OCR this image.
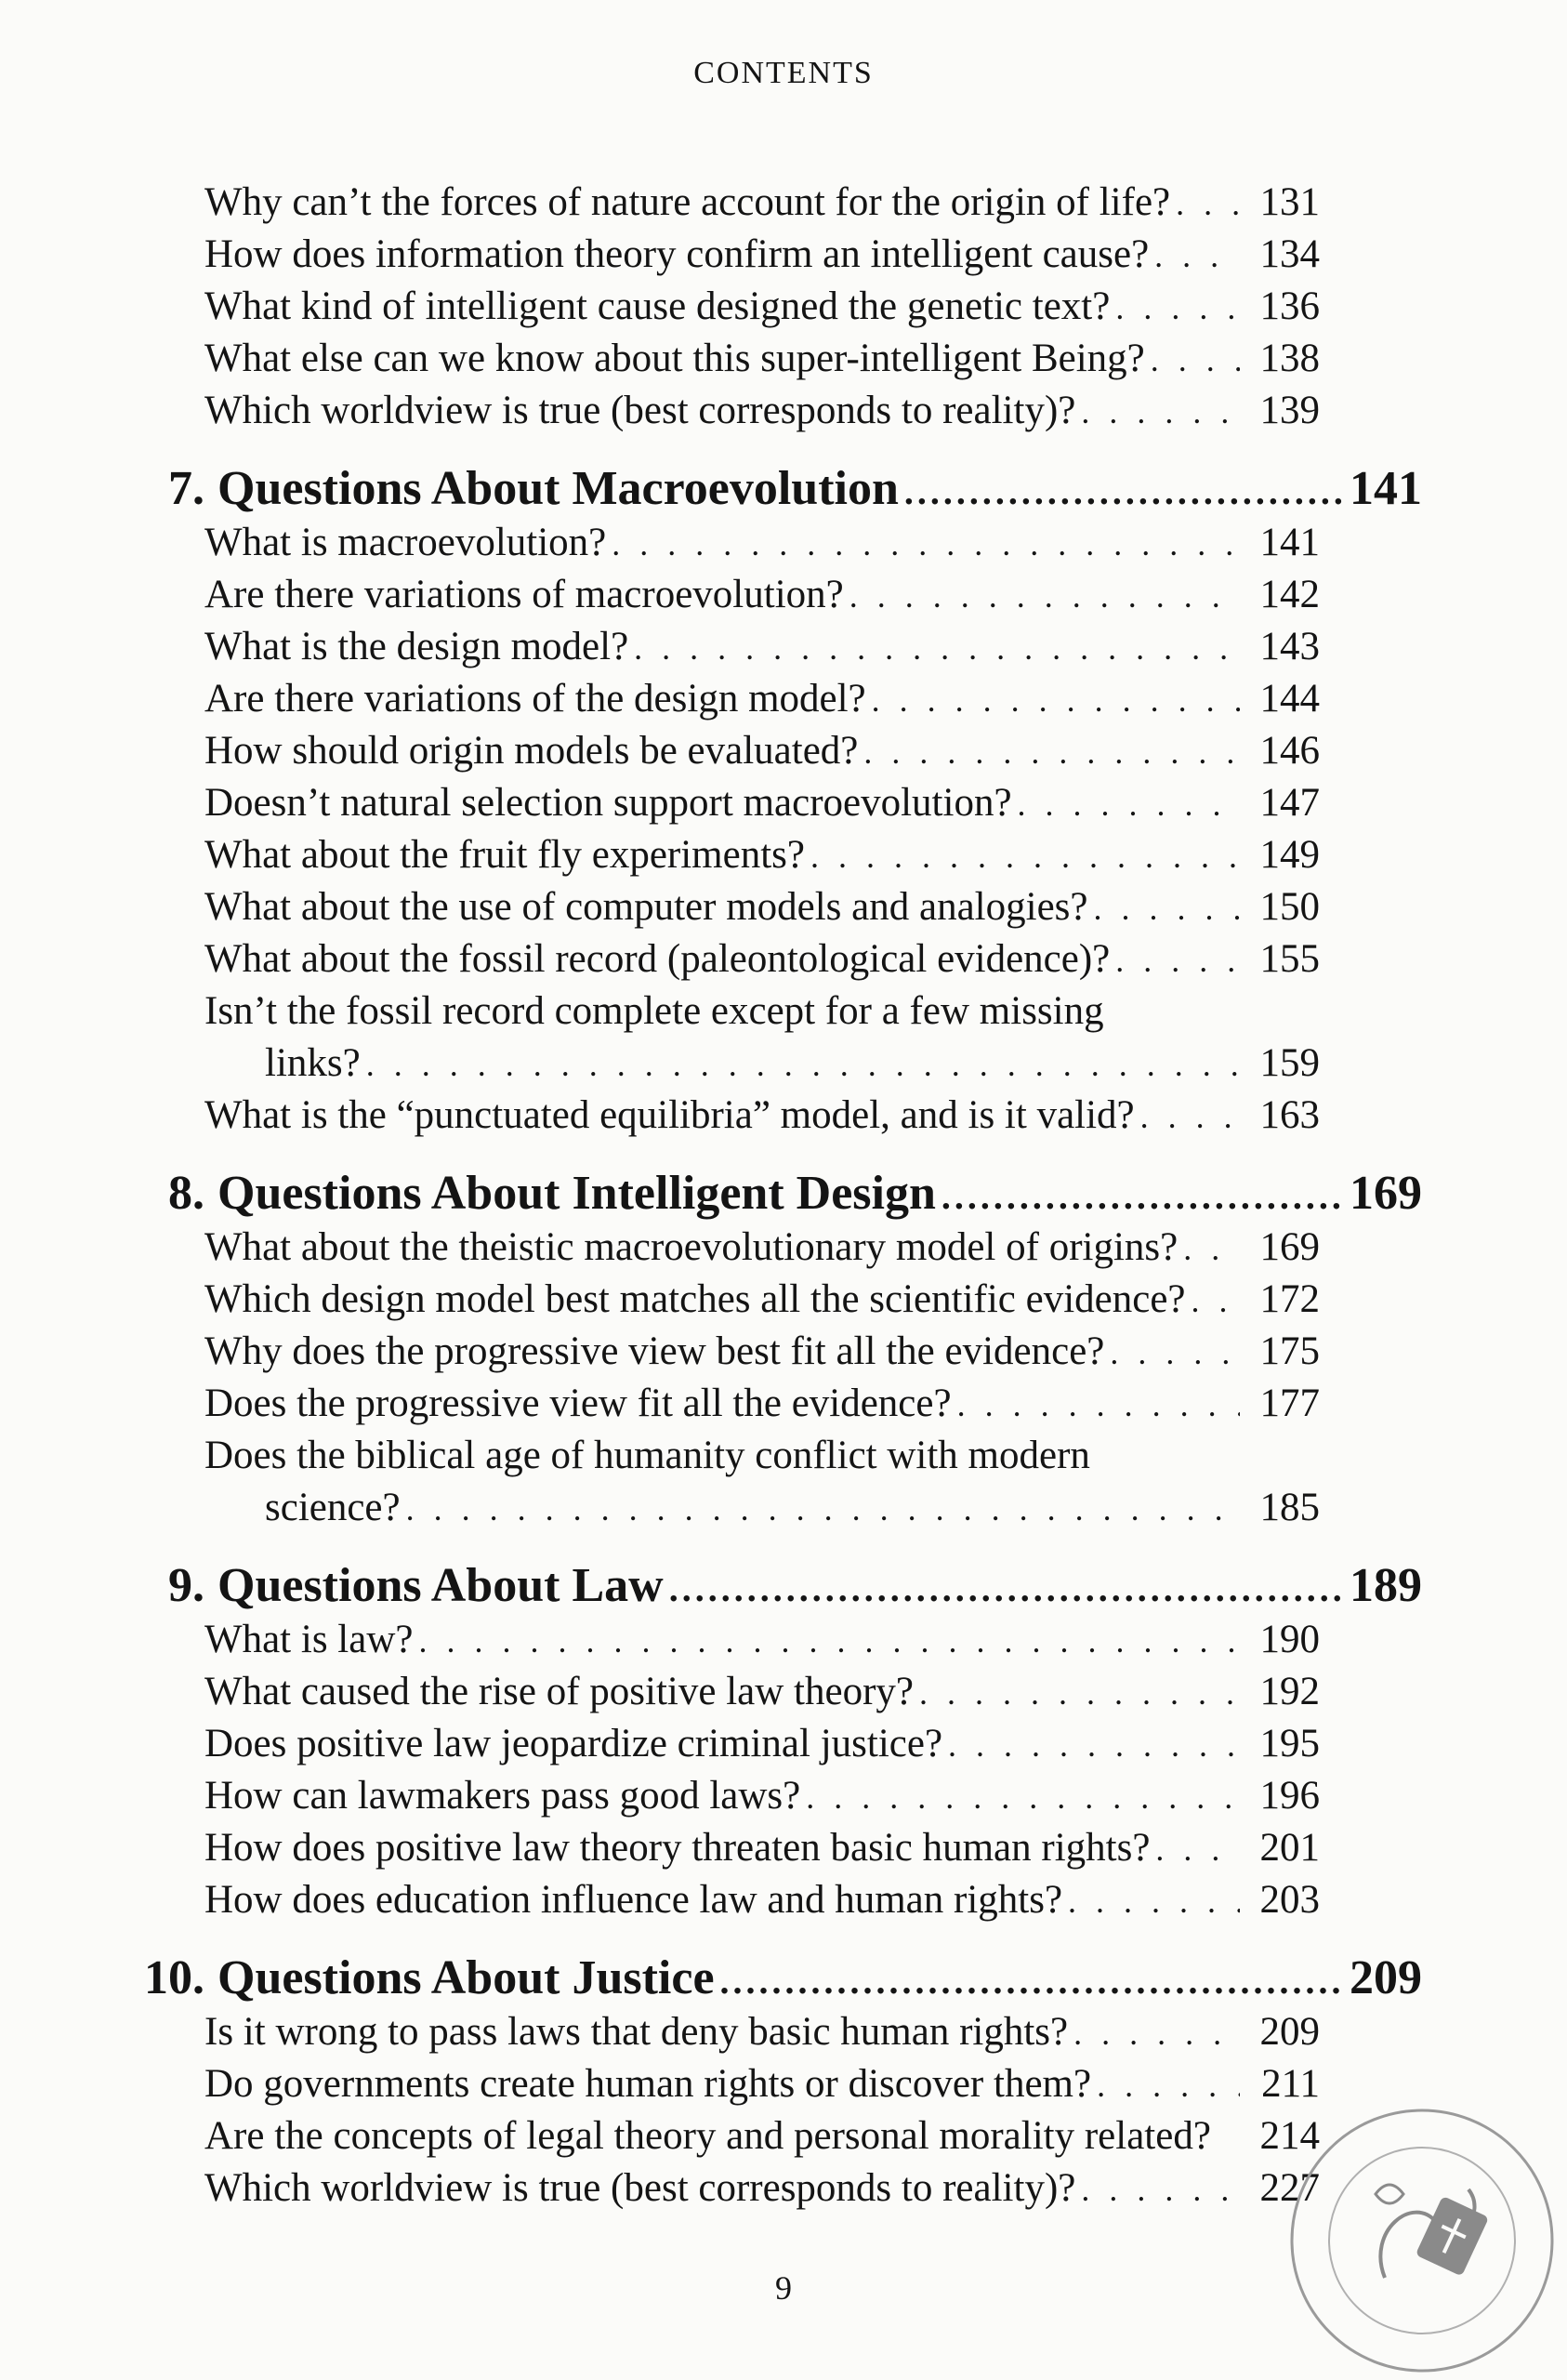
CONTENTS
Why can’t the forces of nature account for the origin of life? . . .	131
How does information theory confirm an intelligent cause? . . .	134
What kind of intelligent cause designed the genetic text? . . .	136
What else can we know about this super-intelligent Being? . . .	138
Which worldview is true (best corresponds to reality)? . . .	139
7. Questions About Macroevolution .....	141
What is macroevolution? . . .	141
Are there variations of macroevolution? . . .	142
What is the design model? . . .	143
Are there variations of the design model? . . .	144
How should origin models be evaluated? . . .	146
Doesn’t natural selection support macroevolution? . . .	147
What about the fruit fly experiments? . . .	149
What about the use of computer models and analogies? . . .	150
What about the fossil record (paleontological evidence)? . . .	155
Isn’t the fossil record complete except for a few missing
links? . . .	159
What is the “punctuated equilibria” model, and is it valid? . . .	163
8. Questions About Intelligent Design .....	169
What about the theistic macroevolutionary model of origins? . . .	169
Which design model best matches all the scientific evidence? . . .	172
Why does the progressive view best fit all the evidence? . . .	175
Does the progressive view fit all the evidence? . . .	177
Does the biblical age of humanity conflict with modern
science? . . .	185
9. Questions About Law .....	189
What is law? . . .	190
What caused the rise of positive law theory? . . .	192
Does positive law jeopardize criminal justice? . . .	195
How can lawmakers pass good laws? . . .	196
How does positive law theory threaten basic human rights? . . .	201
How does education influence law and human rights? . . .	203
10. Questions About Justice .....	209
Is it wrong to pass laws that deny basic human rights? . . .	209
Do governments create human rights or discover them? . . .	211
Are the concepts of legal theory and personal morality related?	214
Which worldview is true (best corresponds to reality)? . . .	227
9
